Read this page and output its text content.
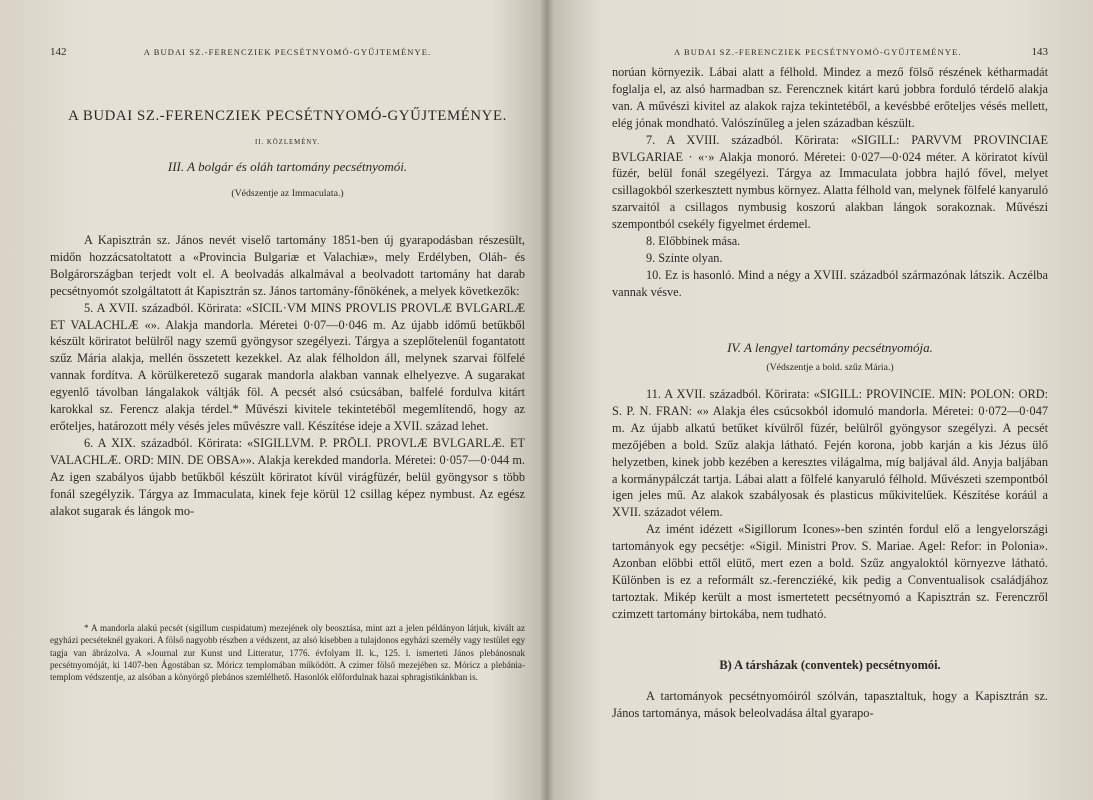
142	A BUDAI SZ.-FERENCZIEK PECSÉTNYOMÓ-GYŰJTEMÉNYE.

A BUDAI SZ.-FERENCZIEK PECSÉTNYOMÓ-GYŰJTEMÉNYE.

II. KÖZLEMÉNY.

III. A bolgár és oláh tartomány pecsétnyomói.

(Védszentje az Immaculata.)

A Kapisztrán sz. János nevét viselő tartomány 1851-ben új gyarapodásban részesült, midőn hozzácsatoltatott a «Provincia Bulgariæ et Valachiæ», mely Erdélyben, Oláh- és Bolgárországban terjedt volt el. A beolvadás alkalmával a beolvadott tartomány hat darab pecsétnyomót szolgáltatott át Kapisztrán sz. János tartomány-főnökének, a melyek következők:

5. A XVII. századból. Körirata: «SICIL·VM MINS PROVLIS PROVLÆ BVLGARLÆ ET VALACHLÆ «». Alakja mandorla. Méretei 0·07—0·046 m. Az újabb időmű betűkből készült köriratot belülről nagy szemű gyöngysor szegélyezi. Tárgya a szeplőtelenül fogantatott szűz Mária alakja, mellén összetett kezekkel. Az alak félholdon áll, melynek szarvai fölfelé vannak fordítva. A körülkeretező sugarak mandorla alakban vannak elhelyezve. A sugarakat egyenlő távolban lángalakok váltják föl. A pecsét alsó csúcsában, balfelé fordulva kitárt karokkal sz. Ferencz alakja térdel.* Művészi kivitele tekintetéből megemlítendő, hogy az erőteljes, határozott mély vésés jeles művészre vall. Készítése ideje a XVII. század lehet.

6. A XIX. századból. Körirata: «SIGILLVM. P. PRŌLI. PROVLÆ BVLGARLÆ. ET VALACHLÆ. ORD: MIN. DE OBSA»». Alakja kerekded mandorla. Méretei: 0·057—0·044 m. Az igen szabályos újabb betűkből készült köriratot kívül virágfüzér, belül gyöngysor s több fonál szegélyzik. Tárgya az Immaculata, kinek feje körül 12 csillag képez nymbust. Az egész alakot sugarak és lángok mo-

* A mandorla alakú pecsét (sigillum cuspidatum) mezejének oly beosztása, mint azt a jelen példányon látjuk, kivált az egyházi pecséteknél gyakori. A fölső nagyobb részben a védszent, az alsó kisebben a tulajdonos egyházi személy vagy testület egy tagja van ábrázolva. A »Journal zur Kunst und Litteratur, 1776. évfolyam II. k., 125. l. ismerteti János plebánosnak pecsétnyomóját, ki 1407-ben Ágostában sz. Móricz templomában működött. A czimer fölső mezejében sz. Móricz a plebánia-templom védszentje, az alsóban a könyörgő plebános szemlélhető. Hasonlók előfordulnak hazai sphragistikánkban is.

A BUDAI SZ.-FERENCZIEK PECSÉTNYOMÓ-GYŰJTEMÉNYE.	143

norúan környezik. Lábai alatt a félhold. Mindez a mező fölső részének kétharmadát foglalja el, az alsó harmadban sz. Ferencznek kitárt karú jobbra forduló térdelő alakja van. A művészi kivitel az alakok rajza tekintetéből, a kevésbbé erőteljes vésés mellett, elég jónak mondható. Valószínűleg a jelen században készült.

7. A XVIII. századból. Körirata: «SIGILL: PARVVM PROVINCIAE BVLGARIAE · «·» Alakja monoró. Méretei: 0·027—0·024 méter. A köriratot kívül füzér, belül fonál szegélyezi. Tárgya az Immaculata jobbra hajló fővel, melyet csillagokból szerkesztett nymbus környez. Alatta félhold van, melynek fölfelé kanyaruló szarvaitól a csillagos nymbusig koszorú alakban lángok sorakoznak. Művészi szempontból csekély figyelmet érdemel.

8. Előbbinek mása.

9. Szinte olyan.

10. Ez is hasonló. Mind a négy a XVIII. századból származónak látszik. Aczélba vannak vésve.

IV. A lengyel tartomány pecsétnyomója.

(Védszentje a bold. szűz Mária.)

11. A XVII. századból. Körirata: «SIGILL: PROVINCIE. MIN: POLON: ORD: S. P. N. FRAN: «» Alakja éles csúcsokból idomuló mandorla. Méretei: 0·072—0·047 m. Az újabb alkatú betűket kívülről füzér, belülről gyöngysor szegélyzi. A pecsét mezőjében a bold. Szűz alakja látható. Fején korona, jobb karján a kis Jézus ülő helyzetben, kinek jobb kezében a keresztes világalma, míg baljával áld. Anyja baljában a kormánypálczát tartja. Lábai alatt a fölfelé kanyaruló félhold. Művészeti szempontból igen jeles mű. Az alakok szabályosak és plasticus műkivitelűek. Készítése koráúl a XVII. századot vélem.

Az imént idézett «Sigillorum Icones»-ben szintén fordul elő a lengyelországi tartományok egy pecsétje: «Sigil. Ministri Prov. S. Mariae. Agel: Refor: in Polonia». Azonban előbbi ettől elütő, mert ezen a bold. Szűz angyaloktól környezve látható. Különben is ez a reformált sz.-ferencziéké, kik pedig a Conventualisok családjához tartoztak. Mikép került a most ismertetett pecsétnyomó a Kapisztrán sz. Ferenczről czimzett tartomány birtokába, nem tudható.

B) A társházak (conventek) pecsétnyomói.

A tartományok pecsétnyomóiról szólván, tapasztaltuk, hogy a Kapisztrán sz. János tartománya, mások beleolvadása által gyarapo-
